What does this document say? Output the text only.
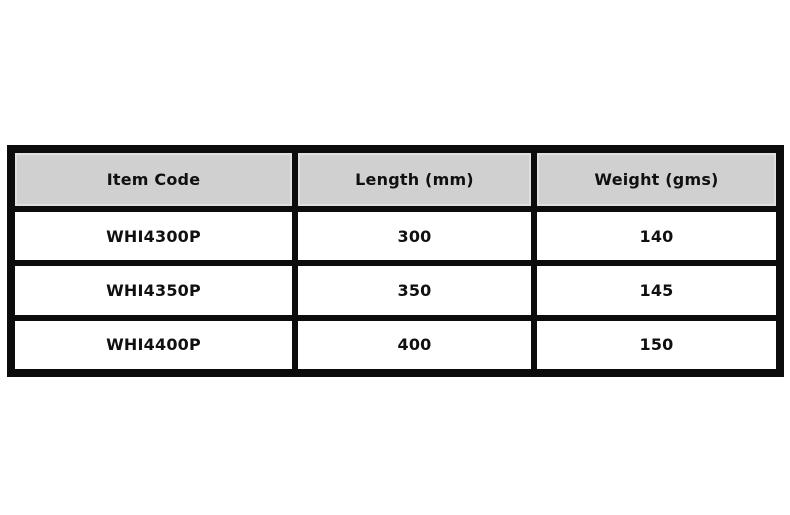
Item Code	Length (mm)	Weight (gms)
WHI4300P	300	140
WHI4350P	350	145
WHI4400P	400	150
